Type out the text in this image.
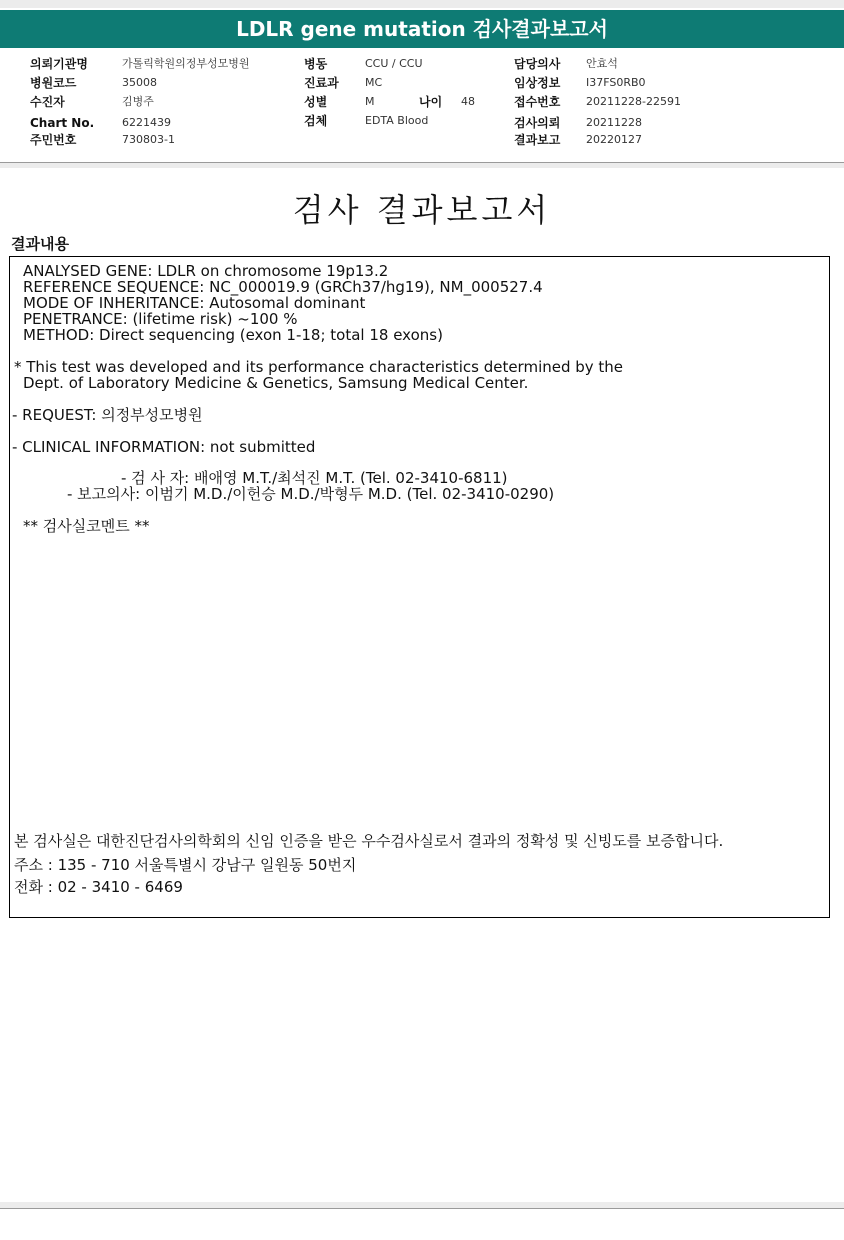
LDLR gene mutation 검사결과보고서
의뢰기관명	가톨릭학원의정부성모병원
병원코드	35008
수진자	김병주
Chart No.	6221439
주민번호	730803-1
병동	CCU / CCU
진료과 MC
성별	M	나이 48
검체	EDTA Blood
담당의사 안효석
임상정보 I37FS0RB0
접수번호 20211228-22591
검사의뢰 20211228
결과보고 20220127
검사 결과보고서
결과내용
ANALYSED GENE: LDLR on chromosome 19p13.2
REFERENCE SEQUENCE: NC_000019.9 (GRCh37/hg19), NM_000527.4
MODE OF INHERITANCE: Autosomal dominant
PENETRANCE: (lifetime risk) ~100 %
METHOD: Direct sequencing (exon 1-18; total 18 exons)
* This test was developed and its performance characteristics determined by the
Dept. of Laboratory Medicine & Genetics, Samsung Medical Center.
- REQUEST: 의정부성모병원
- CLINICAL INFORMATION: not submitted
- 검 사 자: 배애영 M.T./최석진 M.T. (Tel. 02-3410-6811)
- 보고의사: 이범기 M.D./이헌승 M.D./박형두 M.D. (Tel. 02-3410-0290)
** 검사실코멘트 **
본 검사실은 대한진단검사의학회의 신임 인증을 받은 우수검사실로서 결과의 정확성 및 신빙도를 보증합니다.
주소 : 135 - 710 서울특별시 강남구 일원동 50번지
전화 : 02 - 3410 - 6469
